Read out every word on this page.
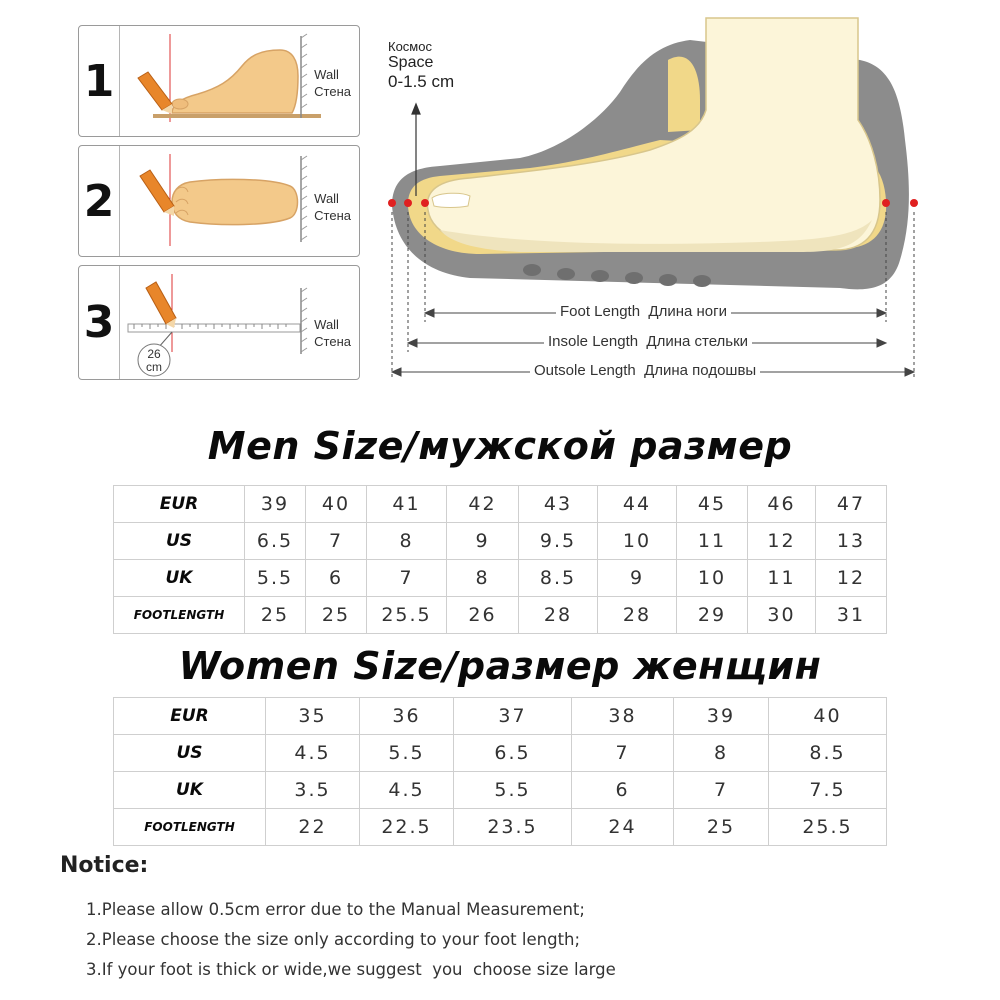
1	Wall
Стена
2	Wall
Стена
3
26
cm
Wall
Стена
Космос
Space
0-1.5 cm
Foot Length Длина ноги
Insole Length Длина стельки
Outsole Length Длина подошвы
Men Size/мужской размер
EUR	39	40	41	42	43	44	45	46	47
US	6.5	7	8	9	9.5	10	11	12	13
UK	5.5	6	7	8	8.5	9	10	11	12
FOOTLENGTH	25	25	25.5	26	28	28	29	30	31
Women Size/размер женщин
EUR	35	36	37	38	39	40
US	4.5	5.5	6.5	7	8	8.5
UK	3.5	4.5	5.5	6	7	7.5
FOOTLENGTH	22	22.5	23.5	24	25	25.5
Notice:
1.Please allow 0.5cm error due to the Manual Measurement;
2.Please choose the size only according to your foot length;
3.If your foot is thick or wide,we suggest  you  choose size large
